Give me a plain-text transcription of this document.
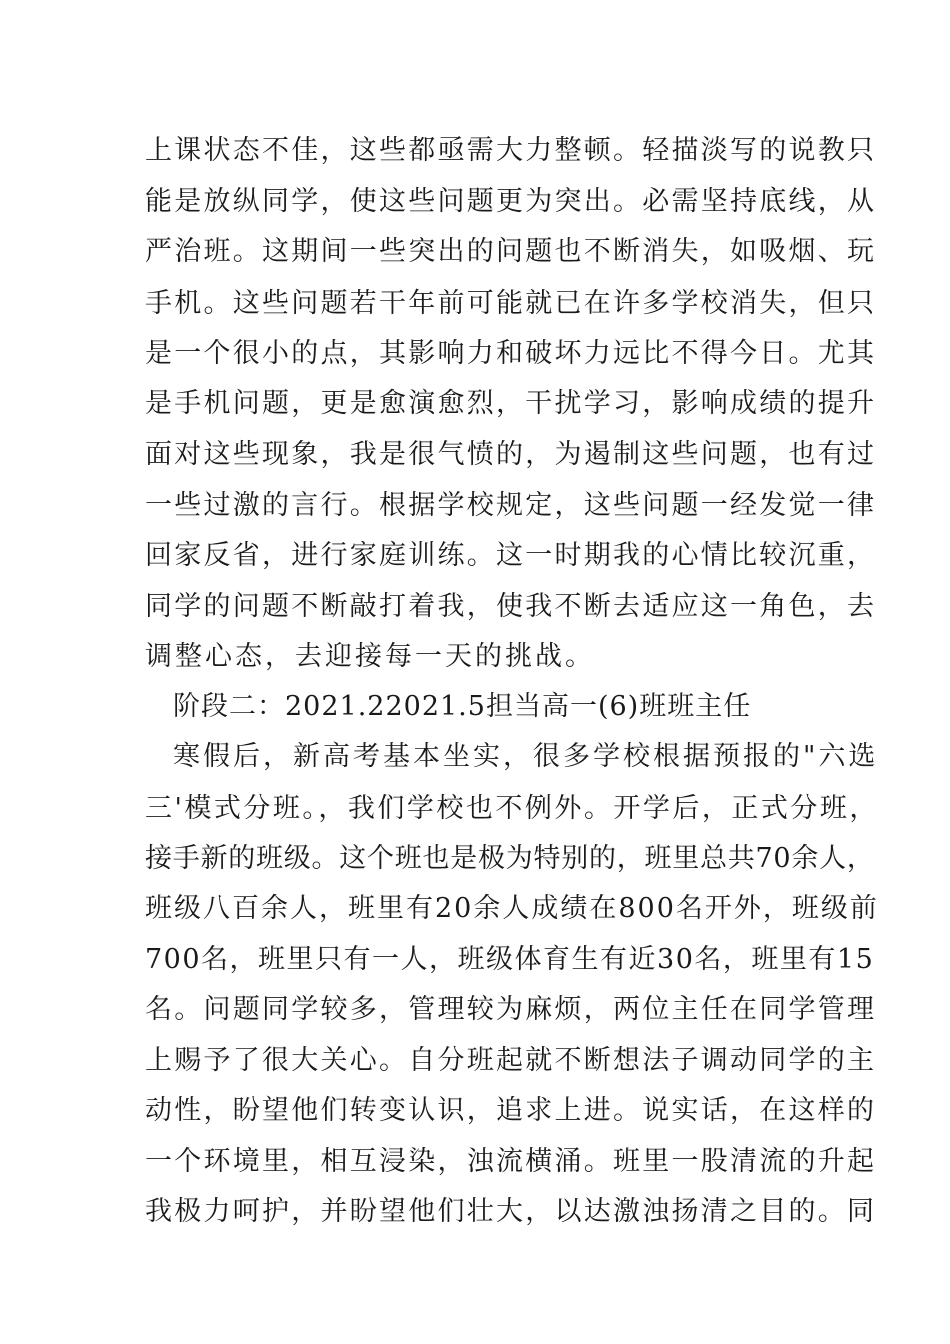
上课状态不佳，这些都亟需大力整顿。轻描淡写的说教只
能是放纵同学，使这些问题更为突出。必需坚持底线，从
严治班。这期间一些突出的问题也不断消失，如吸烟、玩
手机。这些问题若干年前可能就已在许多学校消失，但只
是一个很小的点，其影响力和破坏力远比不得今日。尤其
是手机问题，更是愈演愈烈，干扰学习，影响成绩的提升
面对这些现象，我是很气愤的，为遏制这些问题，也有过
一些过激的言行。根据学校规定，这些问题一经发觉一律
回家反省，进行家庭训练。这一时期我的心情比较沉重，
同学的问题不断敲打着我，使我不断去适应这一角色，去
调整心态，去迎接每一天的挑战。
阶段二：2021.22021.5担当高一(6)班班主任
寒假后，新高考基本坐实，很多学校根据预报的"六选
三'模式分班。，我们学校也不例外。开学后，正式分班，
接手新的班级。这个班也是极为特别的，班里总共70余人，
班级八百余人，班里有20余人成绩在800名开外，班级前
700名，班里只有一人，班级体育生有近30名，班里有15
名。问题同学较多，管理较为麻烦，两位主任在同学管理
上赐予了很大关心。自分班起就不断想法子调动同学的主
动性，盼望他们转变认识，追求上进。说实话，在这样的
一个环境里，相互浸染，浊流横涌。班里一股清流的升起
我极力呵护，并盼望他们壮大，以达激浊扬清之目的。同
